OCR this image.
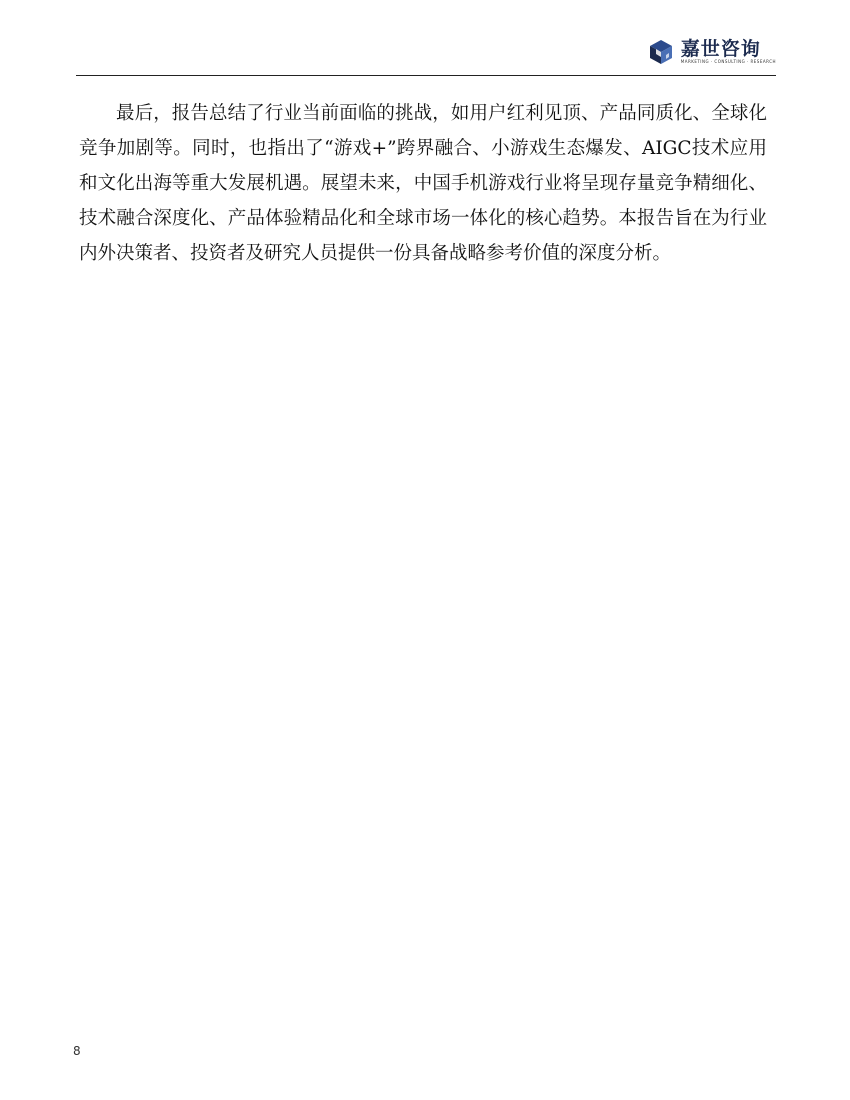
嘉世咨询
MARKETING · CONSULTING · RESEARCH

最后，报告总结了行业当前面临的挑战，如用户红利见顶、产品同质化、全球化竞争加剧等。同时，也指出了“游戏+”跨界融合、小游戏生态爆发、AIGC技术应用和文化出海等重大发展机遇。展望未来，中国手机游戏行业将呈现存量竞争精细化、技术融合深度化、产品体验精品化和全球市场一体化的核心趋势。本报告旨在为行业内外决策者、投资者及研究人员提供一份具备战略参考价值的深度分析。

8
